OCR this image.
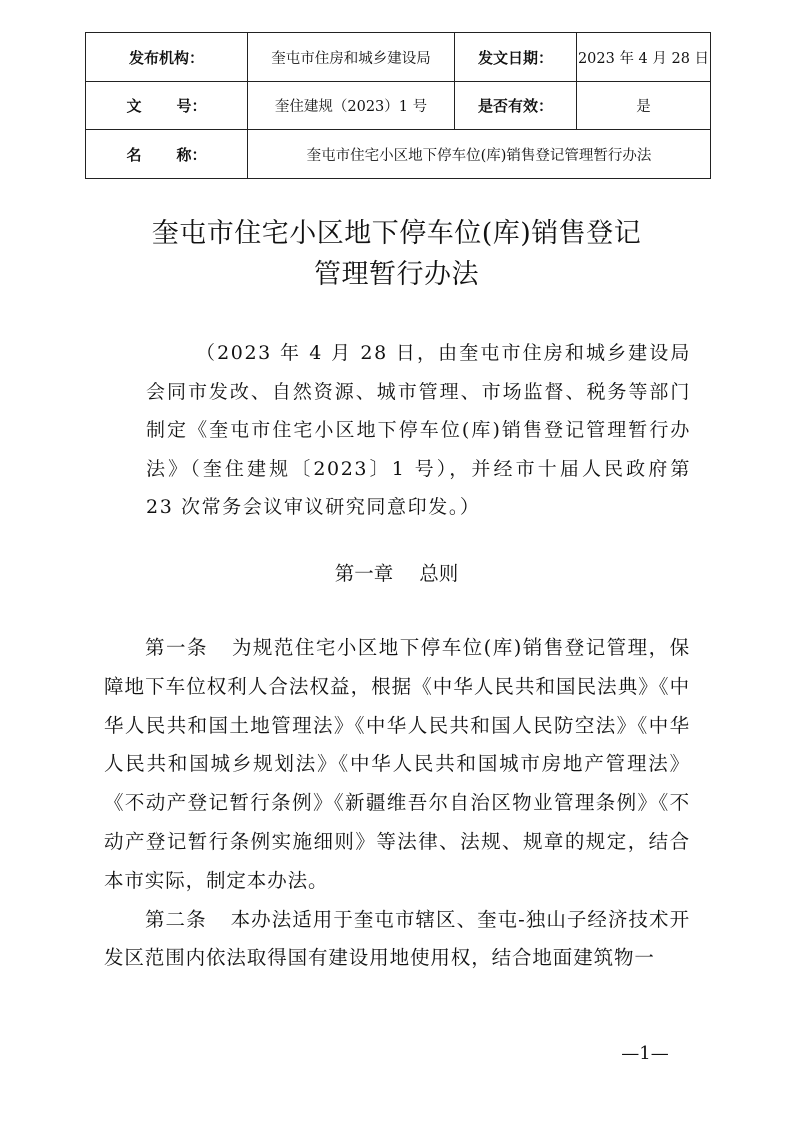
发布机构：	奎屯市住房和城乡建设局	发文日期：	2023 年 4 月 28 日

文 号：	奎住建规（2023）1 号	是否有效：	是

名 称：	奎屯市住宅小区地下停车位(库)销售登记管理暂行办法		
奎屯市住宅小区地下停车位(库)销售登记
管理暂行办法
（2023 年 4 月 28 日，由奎屯市住房和城乡建设局会同市发改、自然资源、城市管理、市场监督、税务等部门制定《奎屯市住宅小区地下停车位(库)销售登记管理暂行办法》（奎住建规〔2023〕1 号），并经市十届人民政府第 23 次常务会议审议研究同意印发。）
第一章 总则

第一条 为规范住宅小区地下停车位(库)销售登记管理，保障地下车位权利人合法权益，根据《中华人民共和国民法典》《中华人民共和国土地管理法》《中华人民共和国人民防空法》《中华人民共和国城乡规划法》《中华人民共和国城市房地产管理法》《不动产登记暂行条例》《新疆维吾尔自治区物业管理条例》《不动产登记暂行条例实施细则》等法律、法规、规章的规定，结合本市实际，制定本办法。

第二条 本办法适用于奎屯市辖区、奎屯-独山子经济技术开发区范围内依法取得国有建设用地使用权，结合地面建筑物一

—1—
